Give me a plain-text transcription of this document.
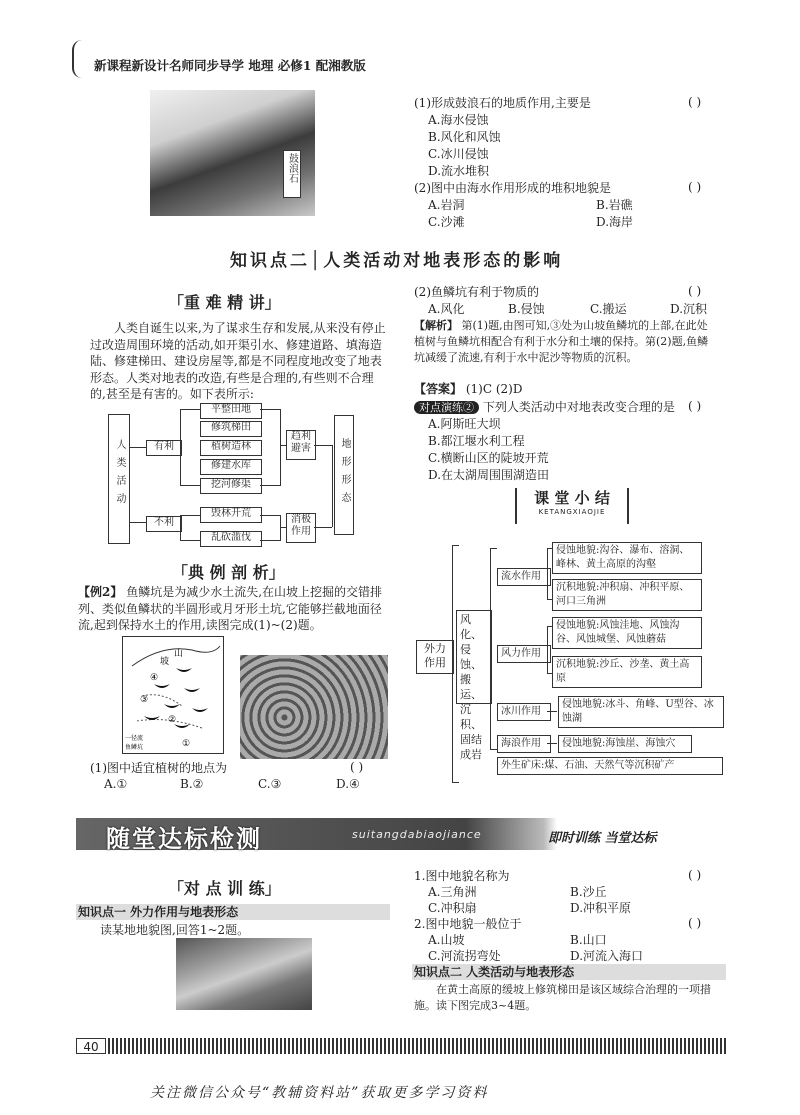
新课程新设计名师同步导学 地理 必修1 配湘教版
鼓浪石
(1)形成鼓浪石的地质作用,主要是	( )
A.海水侵蚀
B.风化和风蚀
C.冰川侵蚀
D.流水堆积
(2)图中由海水作用形成的堆积地貌是	( )
A.岩洞	B.岩礁
C.沙滩	D.海岸
知识点二│人类活动对地表形态的影响
「重 难 精 讲」
人类自诞生以来,为了谋求生存和发展,从来没有停止过改造周围环境的活动,如开渠引水、修建道路、填海造陆、修建梯田、建设房屋等,都是不同程度地改变了地表形态。人类对地表的改造,有些是合理的,有些则不合理的,甚至是有害的。如下表所示:
人类活动	有利
平整田地
修筑梯田
植树造林
修建水库
挖河修渠
趋利避害
不利
毁林开荒
乱砍滥伐
消极作用
地形形态
「典 例 剖 析」
【例2】 鱼鳞坑是为减少水土流失,在山坡上挖掘的交错排列、类似鱼鳞状的半圆形或月牙形土坑,它能够拦截地面径流,起到保持水土的作用,读图完成(1)~(2)题。
坡
山
①
②
③
④
一径流
鱼鳞坑
(1)图中适宜植树的地点为	( )
A.①	B.②	C.③	D.④
(2)鱼鳞坑有利于物质的	( )
A.风化	B.侵蚀	C.搬运	D.沉积
【解析】 第(1)题,由图可知,③处为山坡鱼鳞坑的上部,在此处植树与鱼鳞坑相配合有利于水分和土壤的保持。第(2)题,鱼鳞坑减缓了流速,有利于水中泥沙等物质的沉积。
【答案】 (1)C (2)D
对点演练② 下列人类活动中对地表改变合理的是 ( )
A.阿斯旺大坝
B.都江堰水利工程
C.横断山区的陡坡开荒
D.在太湖周围围湖造田
课 堂 小 结
KETANGXIAOJIE
外力作用
风化、侵蚀、搬运、沉积、固结成岩
流水作用
侵蚀地貌:沟谷、瀑布、溶洞、峰林、黄土高原的沟壑
沉积地貌:冲积扇、冲积平原、河口三角洲
风力作用
侵蚀地貌:风蚀洼地、风蚀沟谷、风蚀城堡、风蚀蘑菇
沉积地貌:沙丘、沙垄、黄土高原
冰川作用
侵蚀地貌:冰斗、角峰、U型谷、冰蚀湖
海浪作用	侵蚀地貌:海蚀崖、海蚀穴
外生矿床:煤、石油、天然气等沉积矿产
随堂达标检测	suitangdabiaojiance	即时训练 当堂达标
「对 点 训 练」
知识点一 外力作用与地表形态
读某地地貌图,回答1~2题。
1.图中地貌名称为	( )
A.三角洲	B.沙丘
C.冲积扇	D.冲积平原
2.图中地貌一般位于	( )
A.山坡	B.山口
C.河流拐弯处	D.河流入海口
知识点二 人类活动与地表形态
在黄土高原的缓坡上修筑梯田是该区域综合治理的一项措施。读下图完成3~4题。
40
关注微信公众号“教辅资料站”获取更多学习资料
